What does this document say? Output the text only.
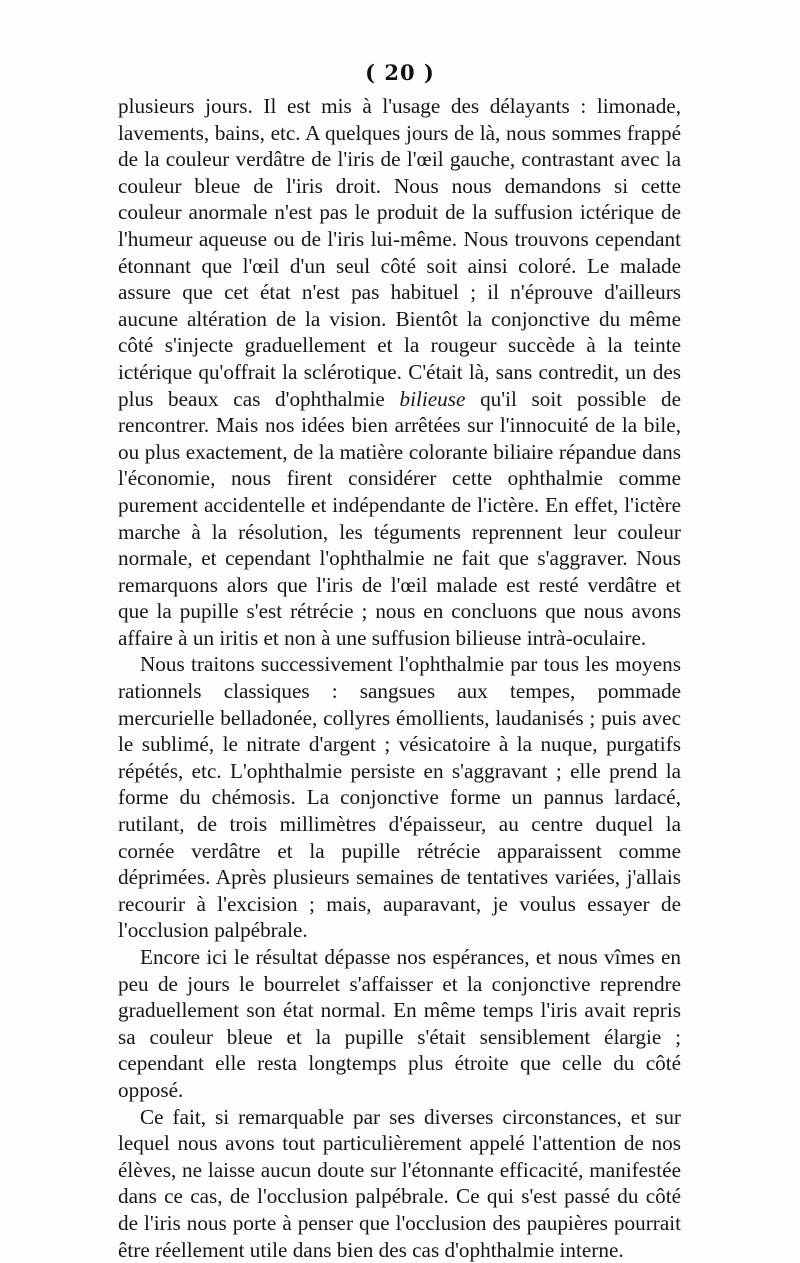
( 20 )

plusieurs jours. Il est mis à l'usage des délayants : limonade, lavements, bains, etc. A quelques jours de là, nous sommes frappé de la couleur verdâtre de l'iris de l'œil gauche, contrastant avec la couleur bleue de l'iris droit. Nous nous demandons si cette couleur anormale n'est pas le produit de la suffusion ictérique de l'humeur aqueuse ou de l'iris lui-même. Nous trouvons cependant étonnant que l'œil d'un seul côté soit ainsi coloré. Le malade assure que cet état n'est pas habituel ; il n'éprouve d'ailleurs aucune altération de la vision. Bientôt la conjonctive du même côté s'injecte graduellement et la rougeur succède à la teinte ictérique qu'offrait la sclérotique. C'était là, sans contredit, un des plus beaux cas d'ophthalmie bilieuse qu'il soit possible de rencontrer. Mais nos idées bien arrêtées sur l'innocuité de la bile, ou plus exactement, de la matière colorante biliaire répandue dans l'économie, nous firent considérer cette ophthalmie comme purement accidentelle et indépendante de l'ictère. En effet, l'ictère marche à la résolution, les téguments reprennent leur couleur normale, et cependant l'ophthalmie ne fait que s'aggraver. Nous remarquons alors que l'iris de l'œil malade est resté verdâtre et que la pupille s'est rétrécie ; nous en concluons que nous avons affaire à un iritis et non à une suffusion bilieuse intrà-oculaire.

Nous traitons successivement l'ophthalmie par tous les moyens rationnels classiques : sangsues aux tempes, pommade mercurielle belladonée, collyres émollients, laudanisés ; puis avec le sublimé, le nitrate d'argent ; vésicatoire à la nuque, purgatifs répétés, etc. L'ophthalmie persiste en s'aggravant ; elle prend la forme du chémosis. La conjonctive forme un pannus lardacé, rutilant, de trois millimètres d'épaisseur, au centre duquel la cornée verdâtre et la pupille rétrécie apparaissent comme déprimées. Après plusieurs semaines de tentatives variées, j'allais recourir à l'excision ; mais, auparavant, je voulus essayer de l'occlusion palpébrale.

Encore ici le résultat dépasse nos espérances, et nous vîmes en peu de jours le bourrelet s'affaisser et la conjonctive reprendre graduellement son état normal. En même temps l'iris avait repris sa couleur bleue et la pupille s'était sensiblement élargie ; cependant elle resta longtemps plus étroite que celle du côté opposé.

Ce fait, si remarquable par ses diverses circonstances, et sur lequel nous avons tout particulièrement appelé l'attention de nos élèves, ne laisse aucun doute sur l'étonnante efficacité, manifestée dans ce cas, de l'occlusion palpébrale. Ce qui s'est passé du côté de l'iris nous porte à penser que l'occlusion des paupières pourrait être réellement utile dans bien des cas d'ophthalmie interne.
